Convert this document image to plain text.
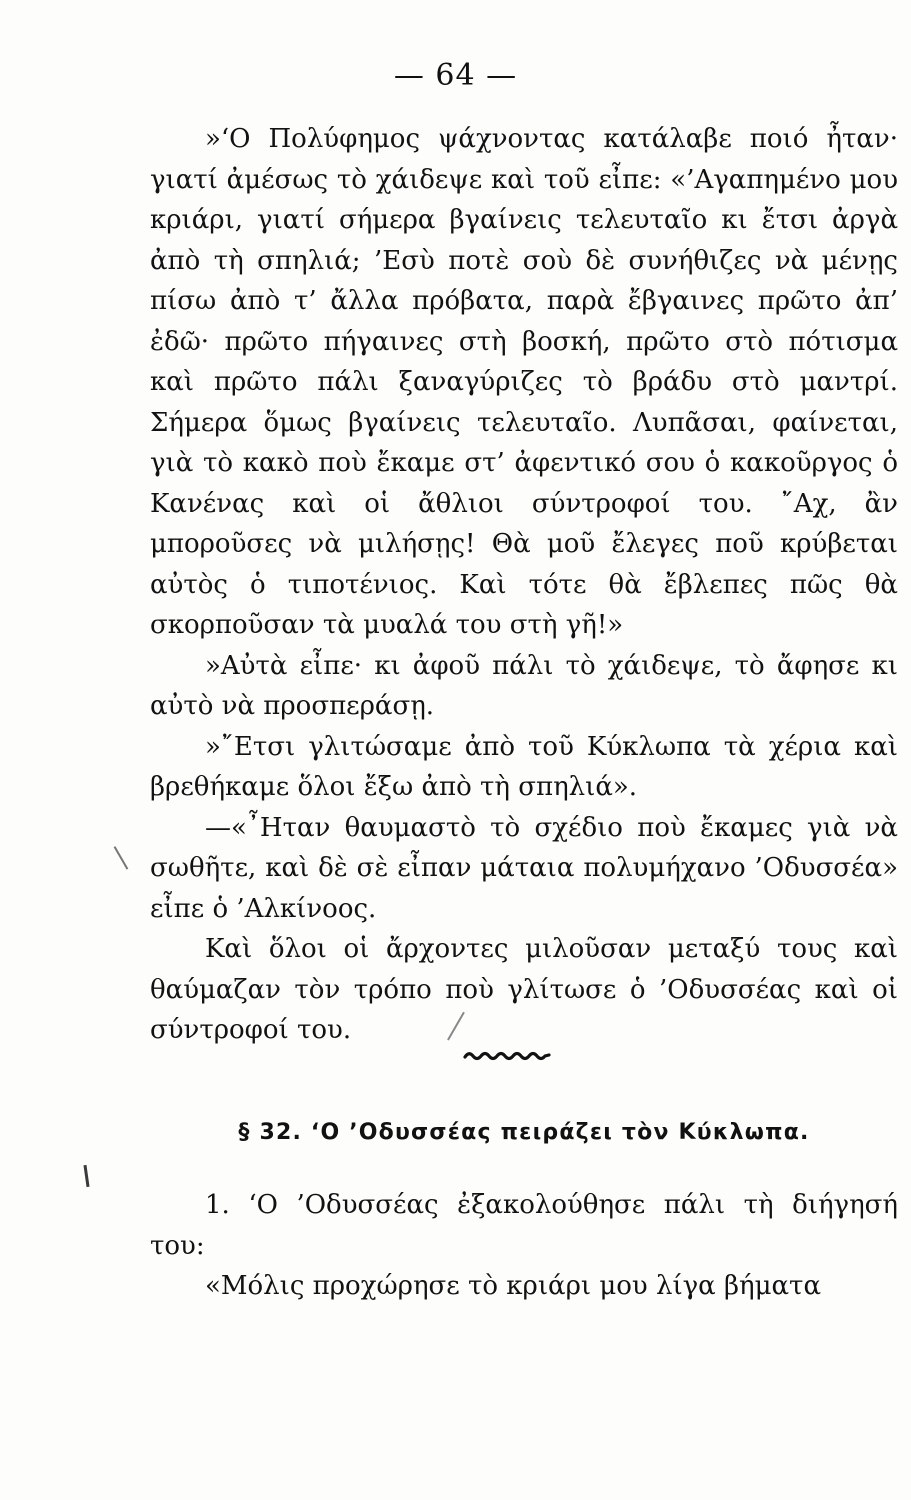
— 64 —

»‘Ο Πολύφημος ψάχνοντας κατάλαβε ποιό ἦταν· γιατί ἀμέσως τὸ χάιδεψε καὶ τοῦ εἶπε: «’Αγαπημένο μου κριάρι, γιατί σήμερα βγαίνεις τελευταῖο κι ἔτσι ἀργὰ ἀπὸ τὴ σπηλιά; ’Εσὺ ποτὲ σοὺ δὲ συνήθιζες νὰ μένῃς πίσω ἀπὸ τ’ ἄλλα πρόβατα, παρὰ ἔβγαινες πρῶτο ἀπ’ ἐδῶ· πρῶτο πήγαινες στὴ βοσκή, πρῶτο στὸ πότισμα καὶ πρῶτο πάλι ξαναγύριζες τὸ βράδυ στὸ μαντρί. Σήμερα ὅμως βγαίνεις τελευταῖο. Λυπᾶσαι, φαίνεται, γιὰ τὸ κακὸ ποὺ ἔκαμε στ’ ἀφεντικό σου ὁ κακοῦργος ὁ Κανένας καὶ οἱ ἄθλιοι σύντροφοί του. ῎Αχ, ἂν μποροῦσες νὰ μιλήσῃς! Θὰ μοῦ ἔλεγες ποῦ κρύβεται αὐτὸς ὁ τιποτένιος. Καὶ τότε θὰ ἔβλεπες πῶς θὰ σκορποῦσαν τὰ μυαλά του στὴ γῆ!»

»Αὐτὰ εἶπε· κι ἀφοῦ πάλι τὸ χάιδεψε, τὸ ἄφησε κι αὐτὸ νὰ προσπεράσῃ.

»῎Ετσι γλιτώσαμε ἀπὸ τοῦ Κύκλωπα τὰ χέρια καὶ βρεθήκαμε ὅλοι ἔξω ἀπὸ τὴ σπηλιά».

—«῏Ηταν θαυμαστὸ τὸ σχέδιο ποὺ ἔκαμες γιὰ νὰ σωθῆτε, καὶ δὲ σὲ εἶπαν μάταια πολυμήχανο ’Οδυσσέα» εἶπε ὁ ’Αλκίνοος.

Καὶ ὅλοι οἱ ἄρχοντες μιλοῦσαν μεταξύ τους καὶ θαύμαζαν τὸν τρόπο ποὺ γλίτωσε ὁ ’Οδυσσέας καὶ οἱ σύντροφοί του.

§ 32. ‘Ο ’Οδυσσέας πειράζει τὸν Κύκλωπα.

1. ‘Ο ’Οδυσσέας ἐξακολούθησε πάλι τὴ διήγησή του:

«Μόλις προχώρησε τὸ κριάρι μου λίγα βήματα
